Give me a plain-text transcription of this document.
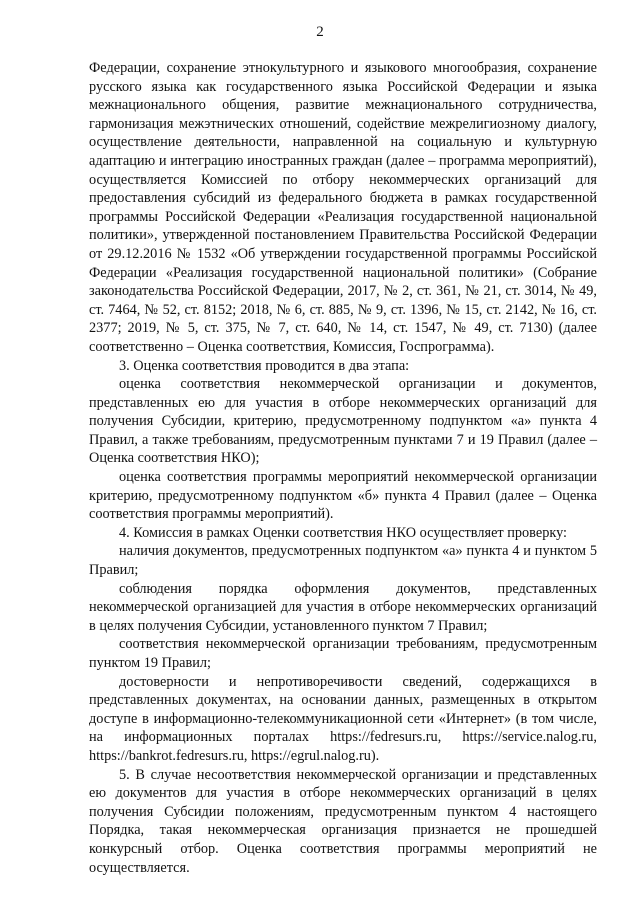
2

Федерации, сохранение этнокультурного и языкового многообразия, сохранение русского языка как государственного языка Российской Федерации и языка межнационального общения, развитие межнационального сотрудничества, гармонизация межэтнических отношений, содействие межрелигиозному диалогу, осуществление деятельности, направленной на социальную и культурную адаптацию и интеграцию иностранных граждан (далее – программа мероприятий), осуществляется Комиссией по отбору некоммерческих организаций для предоставления субсидий из федерального бюджета в рамках государственной программы Российской Федерации «Реализация государственной национальной политики», утвержденной постановлением Правительства Российской Федерации от 29.12.2016 № 1532 «Об утверждении государственной программы Российской Федерации «Реализация государственной национальной политики» (Собрание законодательства Российской Федерации, 2017, № 2, ст. 361, № 21, ст. 3014, № 49, ст. 7464, № 52, ст. 8152; 2018, № 6, ст. 885, № 9, ст. 1396, № 15, ст. 2142, № 16, ст. 2377; 2019, № 5, ст. 375, № 7, ст. 640, № 14, ст. 1547, № 49, ст. 7130) (далее соответственно – Оценка соответствия, Комиссия, Госпрограмма).

3. Оценка соответствия проводится в два этапа:

оценка соответствия некоммерческой организации и документов, представленных ею для участия в отборе некоммерческих организаций для получения Субсидии, критерию, предусмотренному подпунктом «а» пункта 4 Правил, а также требованиям, предусмотренным пунктами 7 и 19 Правил (далее – Оценка соответствия НКО);

оценка соответствия программы мероприятий некоммерческой организации критерию, предусмотренному подпунктом «б» пункта 4 Правил (далее – Оценка соответствия программы мероприятий).

4. Комиссия в рамках Оценки соответствия НКО осуществляет проверку:

наличия документов, предусмотренных подпунктом «а» пункта 4 и пунктом 5 Правил;

соблюдения порядка оформления документов, представленных некоммерческой организацией для участия в отборе некоммерческих организаций в целях получения Субсидии, установленного пунктом 7 Правил;

соответствия некоммерческой организации требованиям, предусмотренным пунктом 19 Правил;

достоверности и непротиворечивости сведений, содержащихся в представленных документах, на основании данных, размещенных в открытом доступе в информационно-телекоммуникационной сети «Интернет» (в том числе, на информационных порталах https://fedresurs.ru, https://service.nalog.ru, https://bankrot.fedresurs.ru, https://egrul.nalog.ru).

5. В случае несоответствия некоммерческой организации и представленных ею документов для участия в отборе некоммерческих организаций в целях получения Субсидии положениям, предусмотренным пунктом 4 настоящего Порядка, такая некоммерческая организация признается не прошедшей конкурсный отбор. Оценка соответствия программы мероприятий не осуществляется.
